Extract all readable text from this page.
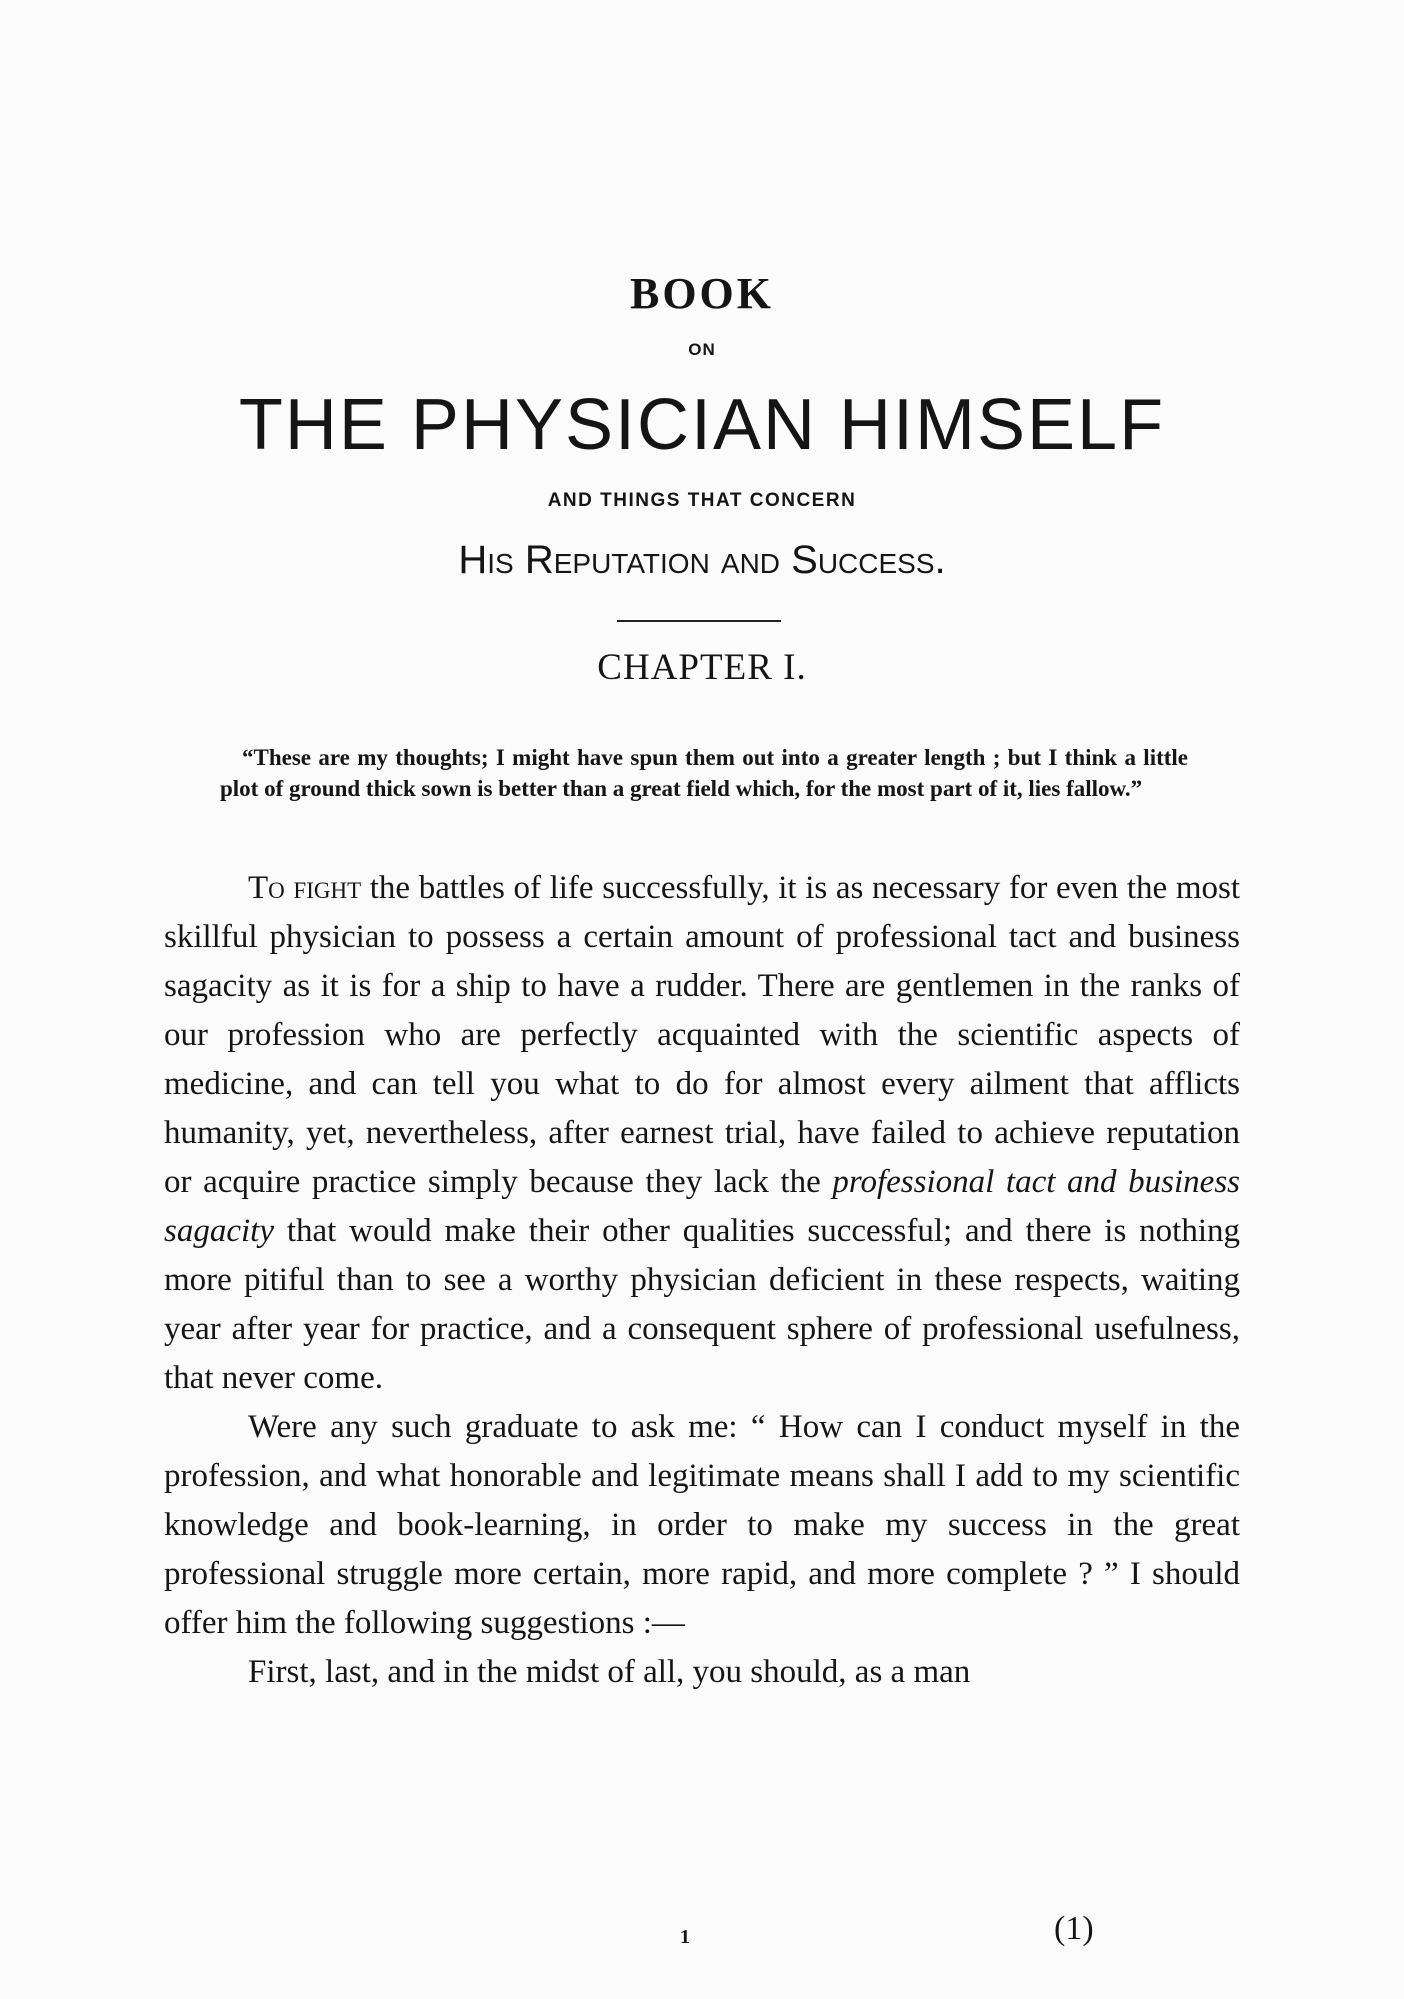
BOOK
ON
THE PHYSICIAN HIMSELF
AND THINGS THAT CONCERN
His Reputation and Success.
CHAPTER I.
“These are my thoughts; I might have spun them out into a greater length ; but I think a little plot of ground thick sown is better than a great field which, for the most part of it, lies fallow.”

To fight the battles of life successfully, it is as necessary for even the most skillful physician to possess a certain amount of professional tact and business sagacity as it is for a ship to have a rudder. There are gentlemen in the ranks of our profession who are perfectly acquainted with the scientific aspects of medicine, and can tell you what to do for almost every ailment that afflicts humanity, yet, nevertheless, after earnest trial, have failed to achieve reputation or acquire practice simply because they lack the professional tact and business sagacity that would make their other qualities successful; and there is nothing more pitiful than to see a worthy physician deficient in these respects, waiting year after year for practice, and a consequent sphere of professional usefulness, that never come.

Were any such graduate to ask me: “ How can I conduct myself in the profession, and what honorable and legitimate means shall I add to my scientific knowledge and book-learning, in order to make my success in the great professional struggle more certain, more rapid, and more complete ? ” I should offer him the following suggestions :—

First, last, and in the midst of all, you should, as a man

1	(1)
